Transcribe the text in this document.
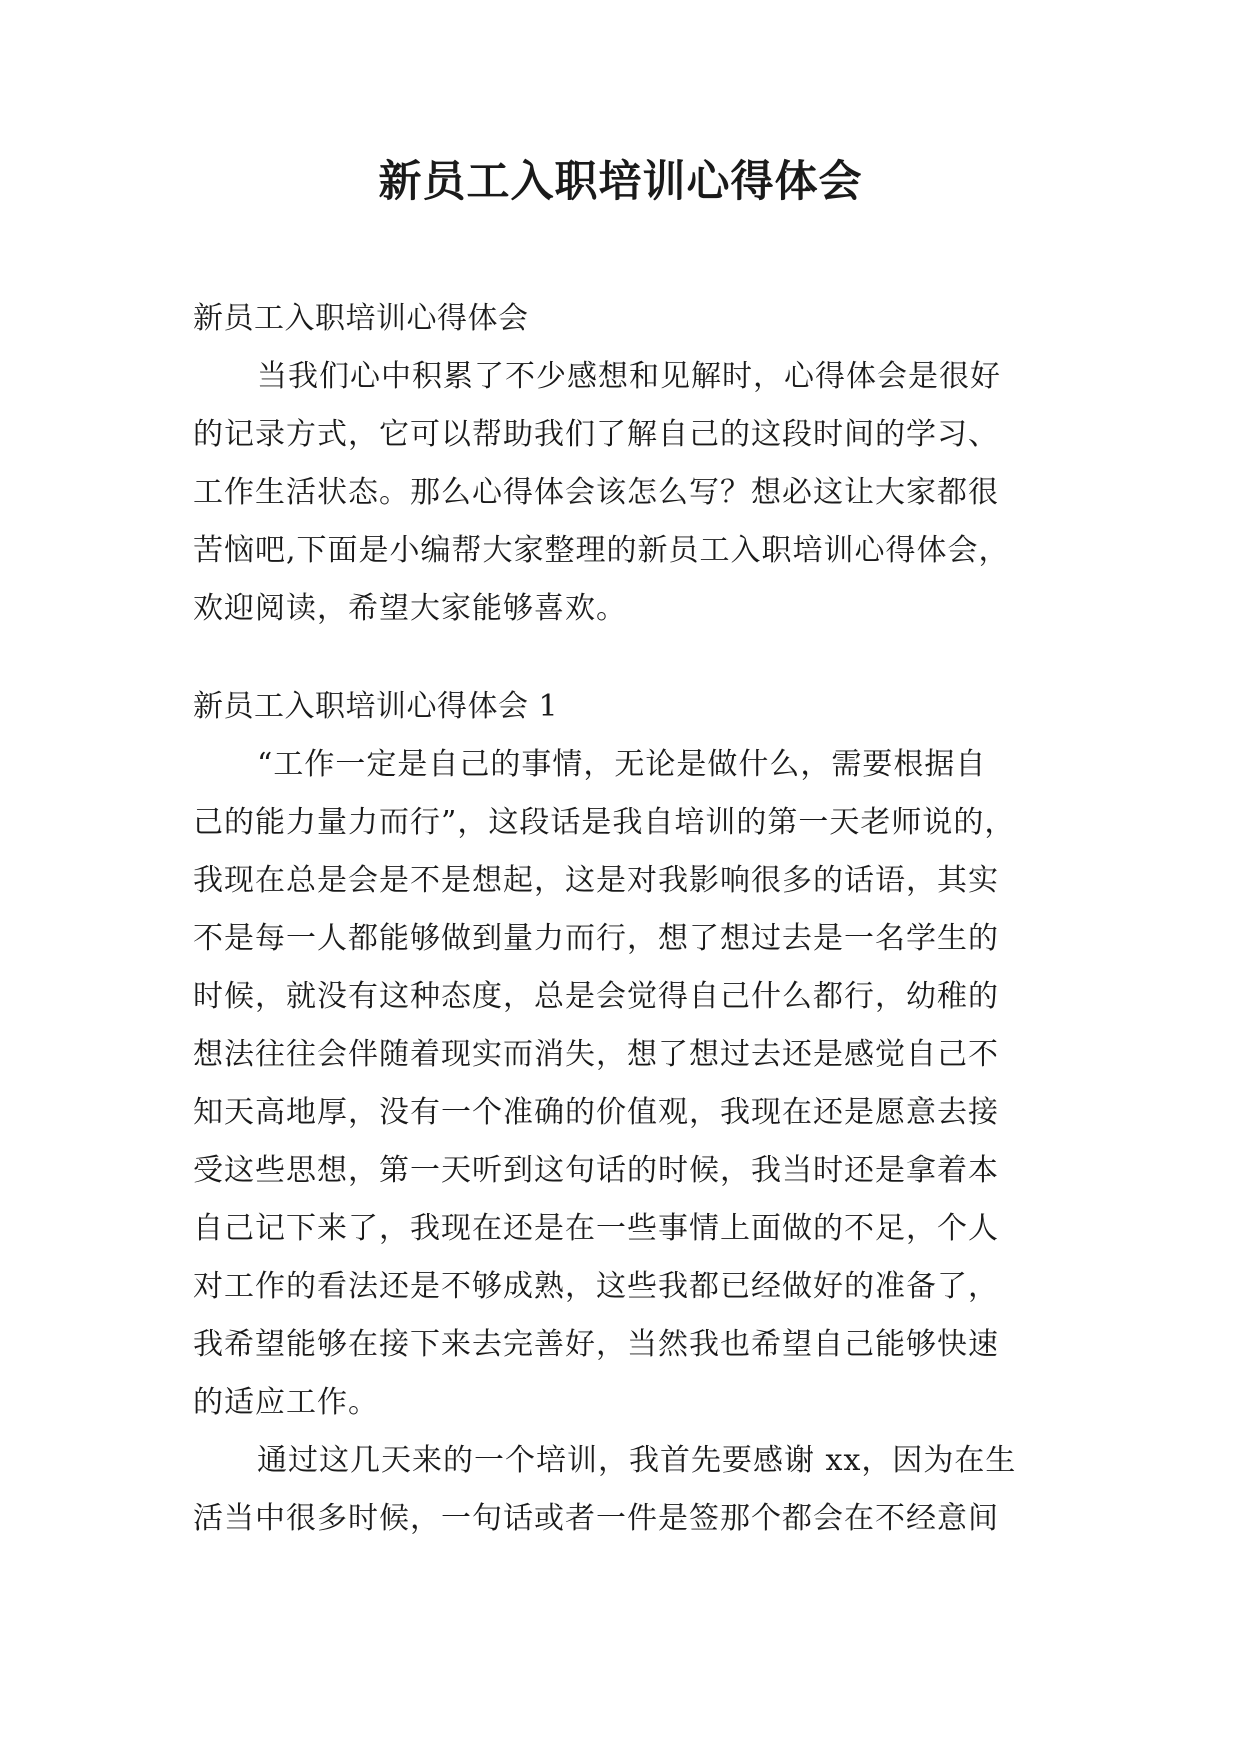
新员工入职培训心得体会
新员工入职培训心得体会
当我们心中积累了不少感想和见解时，心得体会是很好
的记录方式，它可以帮助我们了解自己的这段时间的学习、
工作生活状态。那么心得体会该怎么写？想必这让大家都很
苦恼吧,下面是小编帮大家整理的新员工入职培训心得体会，
欢迎阅读，希望大家能够喜欢。
新员工入职培训心得体会 1
“工作一定是自己的事情，无论是做什么，需要根据自
己的能力量力而行”，这段话是我自培训的第一天老师说的，
我现在总是会是不是想起，这是对我影响很多的话语，其实
不是每一人都能够做到量力而行，想了想过去是一名学生的
时候，就没有这种态度，总是会觉得自己什么都行，幼稚的
想法往往会伴随着现实而消失，想了想过去还是感觉自己不
知天高地厚，没有一个准确的价值观，我现在还是愿意去接
受这些思想，第一天听到这句话的时候，我当时还是拿着本
自己记下来了，我现在还是在一些事情上面做的不足，个人
对工作的看法还是不够成熟，这些我都已经做好的准备了，
我希望能够在接下来去完善好，当然我也希望自己能够快速
的适应工作。
通过这几天来的一个培训，我首先要感谢 xx，因为在生
活当中很多时候，一句话或者一件是签那个都会在不经意间
